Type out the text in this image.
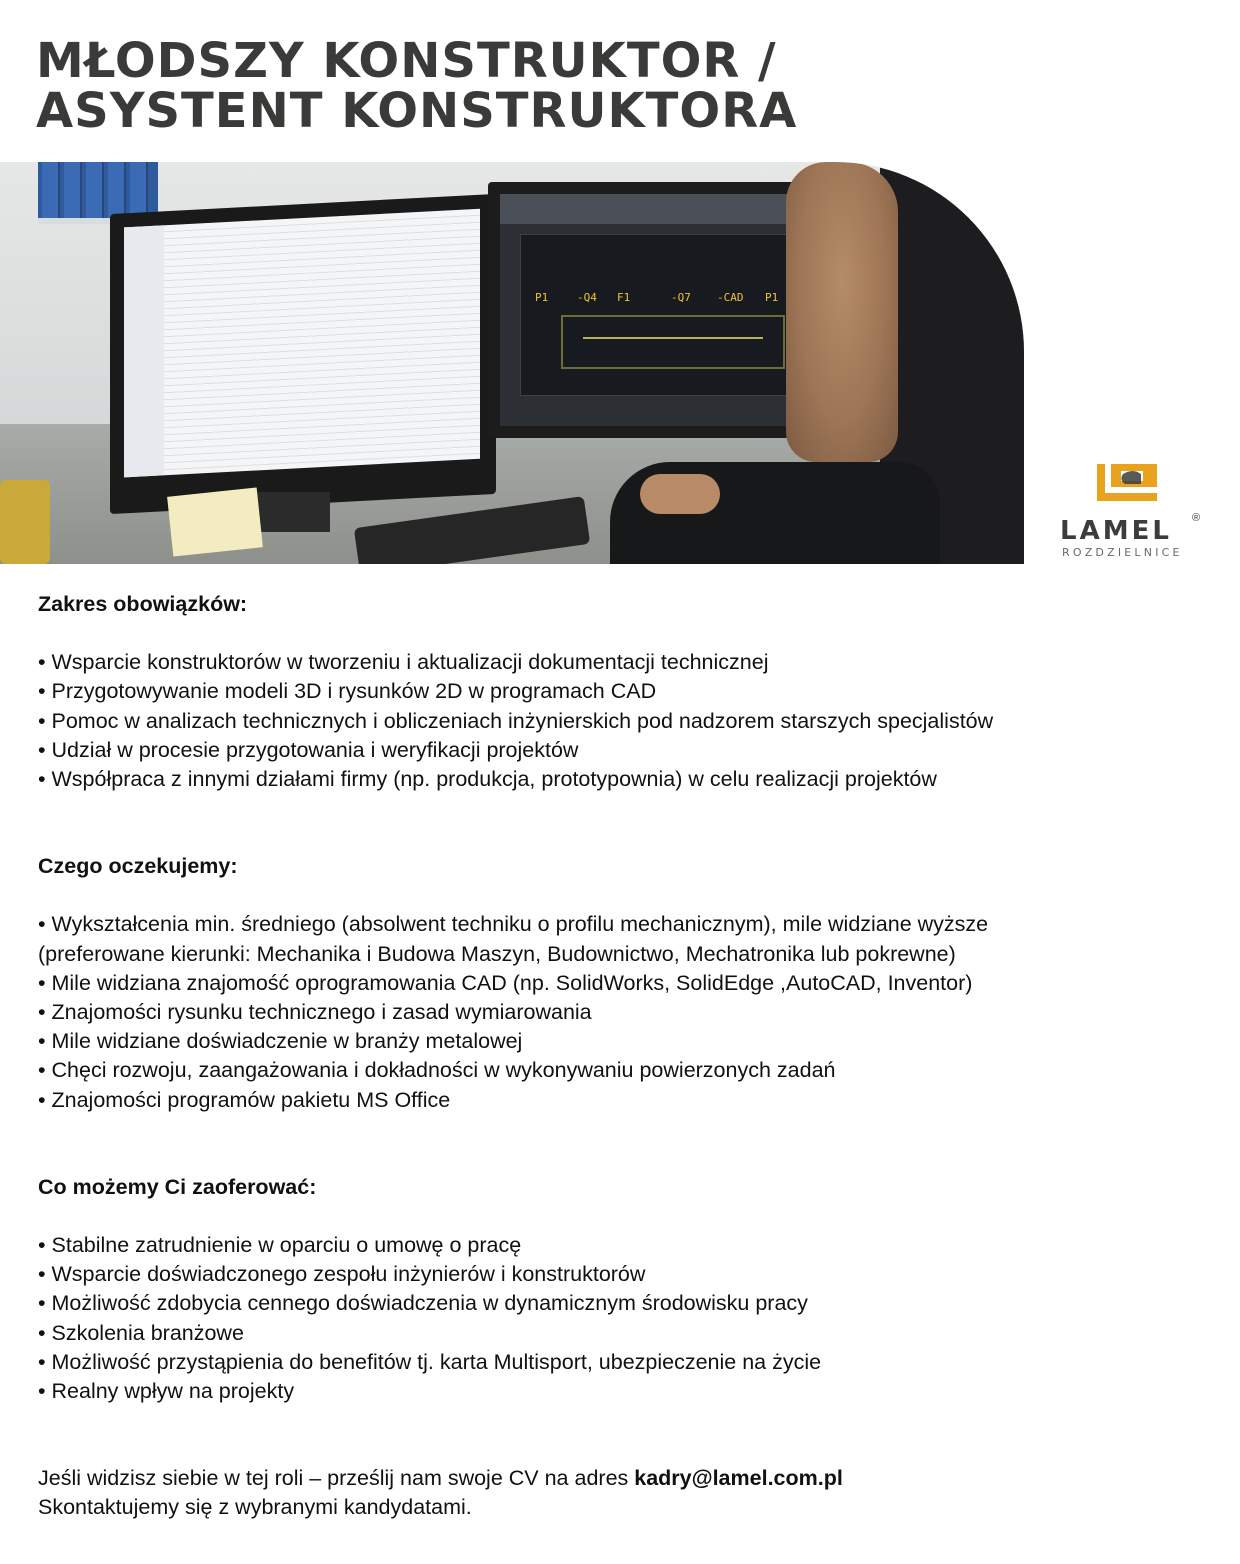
MŁODSZY KONSTRUKTOR /
ASYSTENT KONSTRUKTORA
P1	-Q4 F1	-Q7 -CAD P1
LAMEL ®
ROZDZIELNICE

Zakres obowiązków:

• Wsparcie konstruktorów w tworzeniu i aktualizacji dokumentacji technicznej
• Przygotowywanie modeli 3D i rysunków 2D w programach CAD
• Pomoc w analizach technicznych i obliczeniach inżynierskich pod nadzorem starszych specjalistów
• Udział w procesie przygotowania i weryfikacji projektów
• Współpraca z innymi działami firmy (np. produkcja, prototypownia) w celu realizacji projektów

Czego oczekujemy:

• Wykształcenia min. średniego (absolwent techniku o profilu mechanicznym), mile widziane wyższe
(preferowane kierunki: Mechanika i Budowa Maszyn, Budownictwo, Mechatronika lub pokrewne)
• Mile widziana znajomość oprogramowania CAD (np. SolidWorks, SolidEdge ,AutoCAD, Inventor)
• Znajomości rysunku technicznego i zasad wymiarowania
• Mile widziane doświadczenie w branży metalowej
• Chęci rozwoju, zaangażowania i dokładności w wykonywaniu powierzonych zadań
• Znajomości programów pakietu MS Office

Co możemy Ci zaoferować:

• Stabilne zatrudnienie w oparciu o umowę o pracę
• Wsparcie doświadczonego zespołu inżynierów i konstruktorów
• Możliwość zdobycia cennego doświadczenia w dynamicznym środowisku pracy
• Szkolenia branżowe
• Możliwość przystąpienia do benefitów tj. karta Multisport, ubezpieczenie na życie
• Realny wpływ na projekty
Jeśli widzisz siebie w tej roli – prześlij nam swoje CV na adres kadry@lamel.com.pl
Skontaktujemy się z wybranymi kandydatami.
